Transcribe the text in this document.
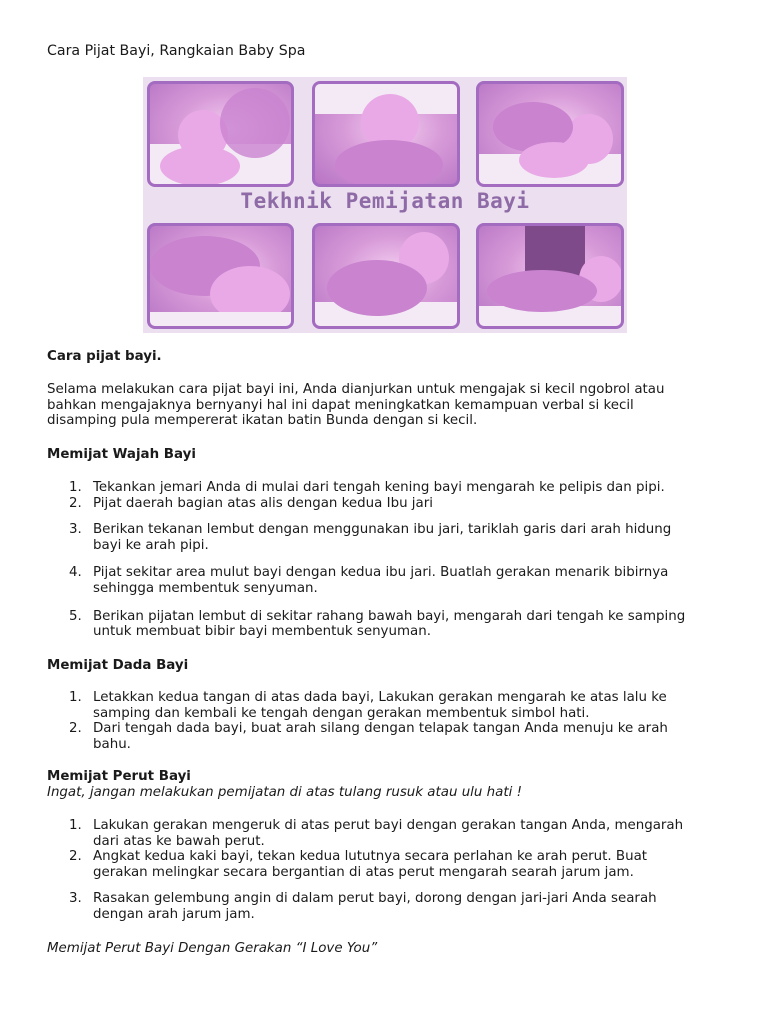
Cara Pijat Bayi, Rangkaian Baby Spa
Tekhnik Pemijatan Bayi
Cara pijat bayi.
Selama melakukan cara pijat bayi ini, Anda dianjurkan untuk mengajak si kecil ngobrol atau
bahkan mengajaknya bernyanyi hal ini dapat meningkatkan kemampuan verbal si kecil
disamping pula mempererat ikatan batin Bunda dengan si kecil.
Memijat Wajah Bayi
1. Tekankan jemari Anda di mulai dari tengah kening bayi mengarah ke pelipis dan pipi.
2. Pijat daerah bagian atas alis dengan kedua Ibu jari
3. Berikan tekanan lembut dengan menggunakan ibu jari, tariklah garis dari arah hidung
bayi ke arah pipi.
4. Pijat sekitar area mulut bayi dengan kedua ibu jari. Buatlah gerakan menarik bibirnya
sehingga membentuk senyuman.
5. Berikan pijatan lembut di sekitar rahang bawah bayi, mengarah dari tengah ke samping
untuk membuat bibir bayi membentuk senyuman.
Memijat Dada Bayi
1. Letakkan kedua tangan di atas dada bayi, Lakukan gerakan mengarah ke atas lalu ke
samping dan kembali ke tengah dengan gerakan membentuk simbol hati.
2. Dari tengah dada bayi, buat arah silang dengan telapak tangan Anda menuju ke arah
bahu.
Memijat Perut Bayi
Ingat, jangan melakukan pemijatan di atas tulang rusuk atau ulu hati !
1. Lakukan gerakan mengeruk di atas perut bayi dengan gerakan tangan Anda, mengarah
dari atas ke bawah perut.
2. Angkat kedua kaki bayi, tekan kedua lututnya secara perlahan ke arah perut. Buat
gerakan melingkar secara bergantian di atas perut mengarah searah jarum jam.
3. Rasakan gelembung angin di dalam perut bayi, dorong dengan jari-jari Anda searah
dengan arah jarum jam.
Memijat Perut Bayi Dengan Gerakan “I Love You”
